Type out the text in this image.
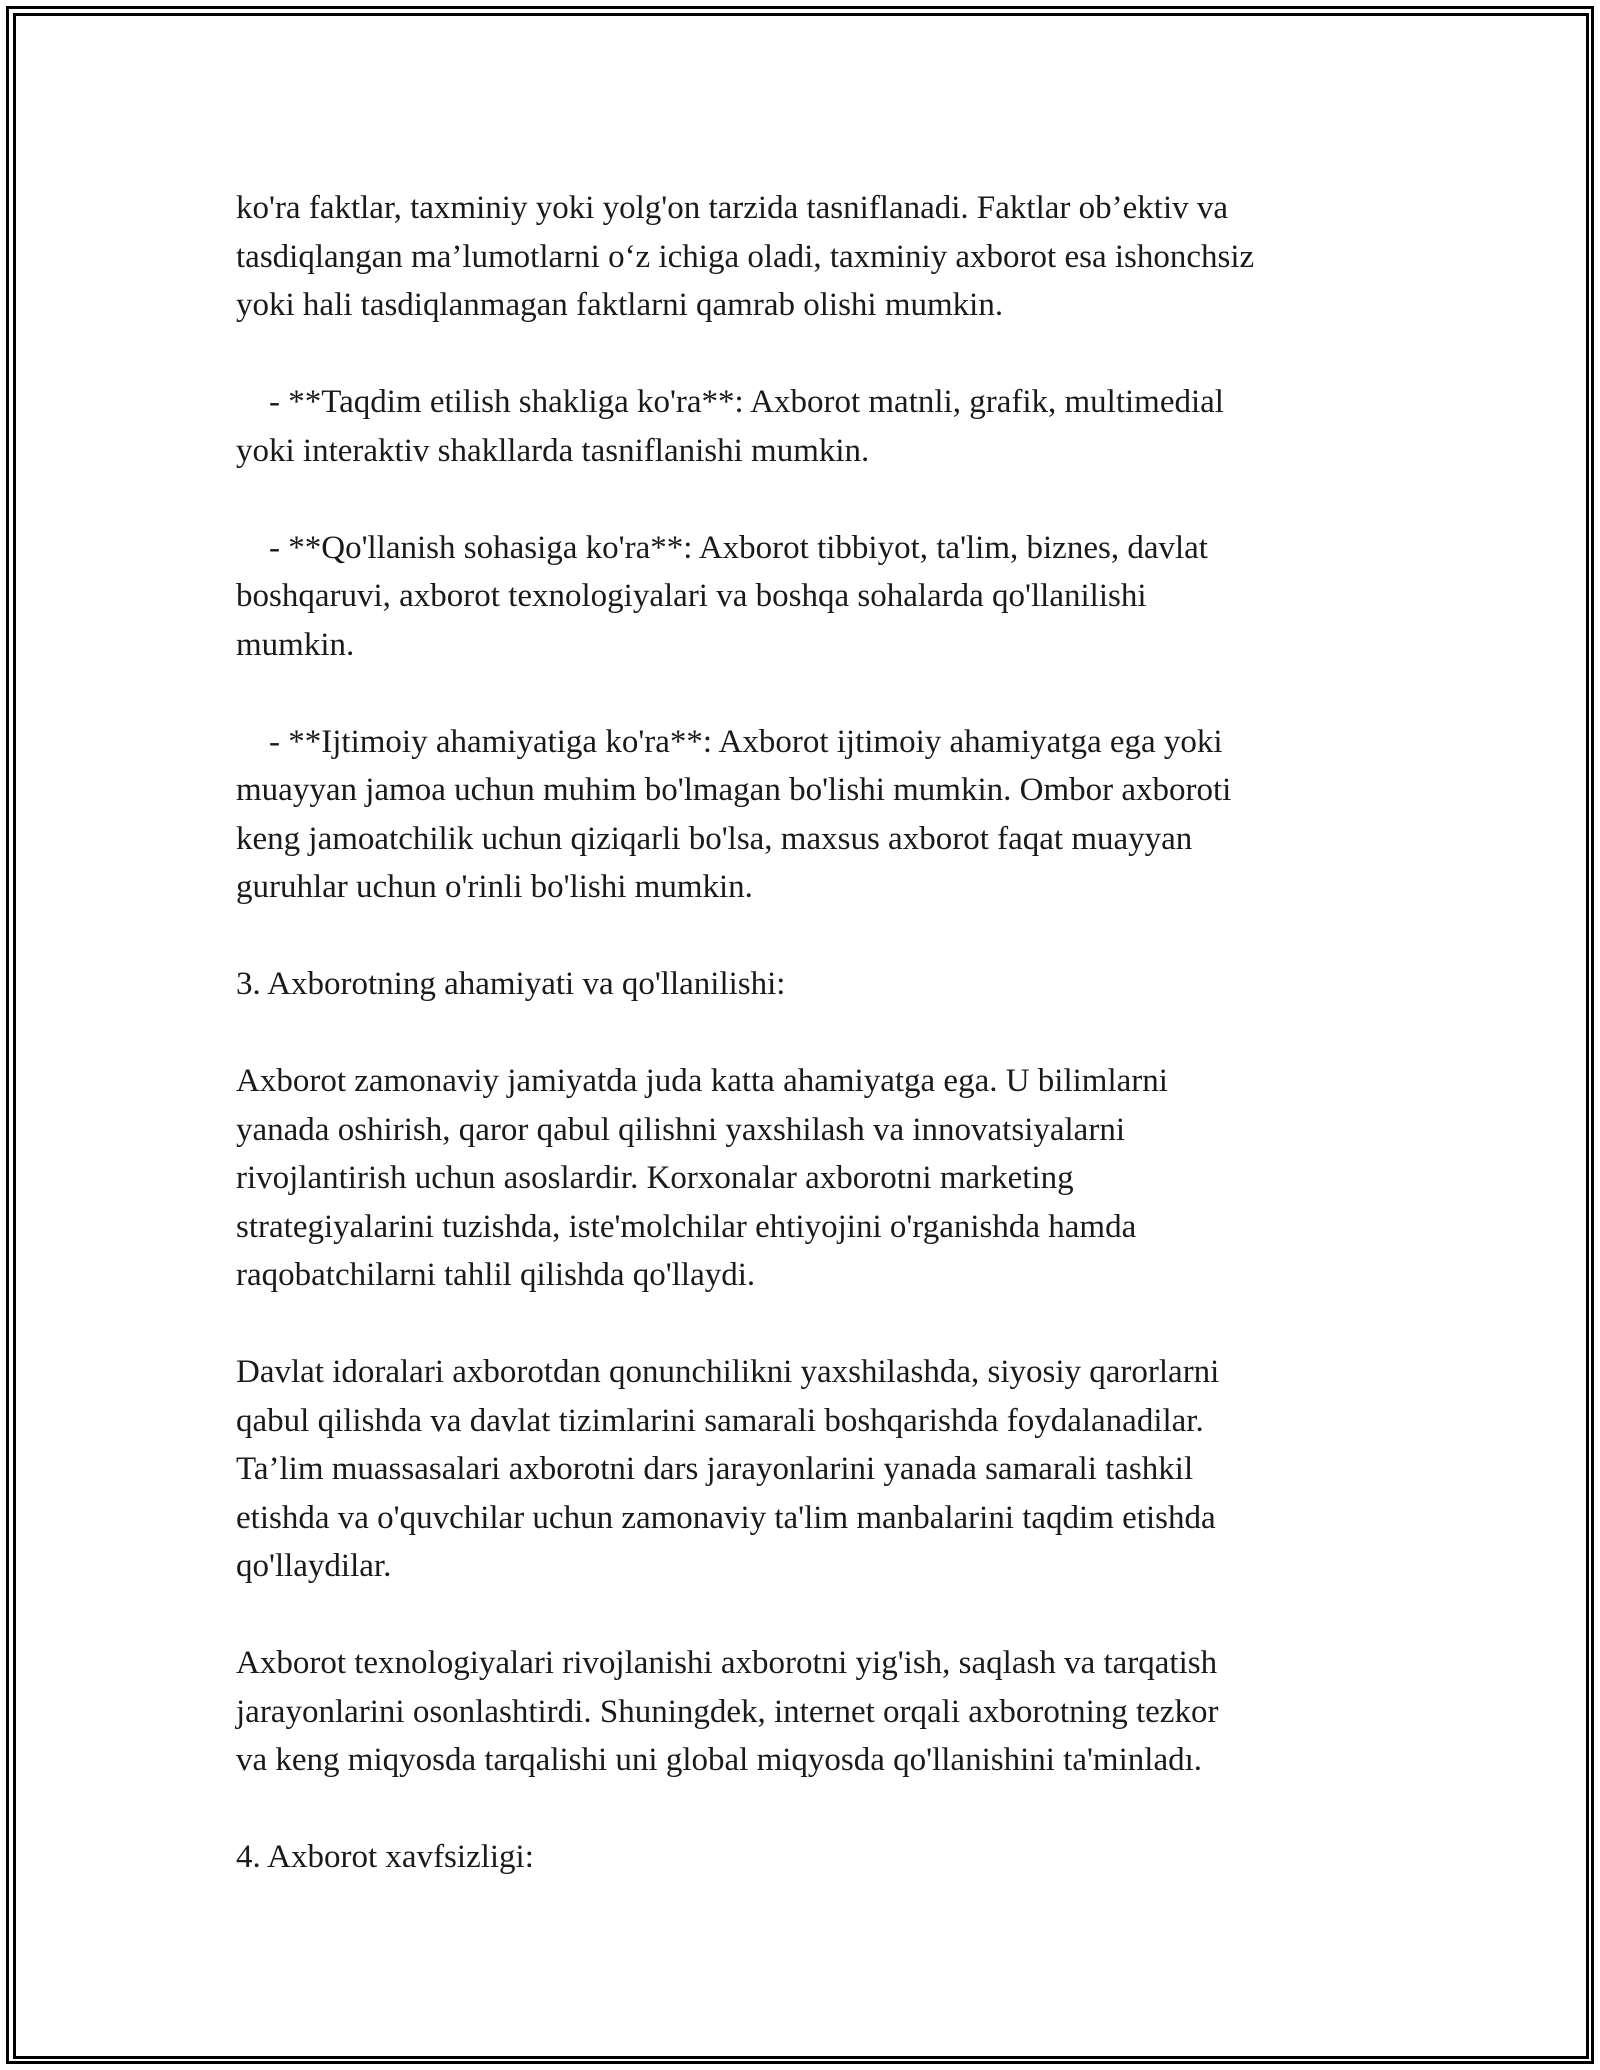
ko'ra faktlar, taxminiy yoki yolg'on tarzida tasniflanadi. Faktlar ob’ektiv va
tasdiqlangan ma’lumotlarni o‘z ichiga oladi, taxminiy axborot esa ishonchsiz
yoki hali tasdiqlanmagan faktlarni qamrab olishi mumkin.

- **Taqdim etilish shakliga ko'ra**: Axborot matnli, grafik, multimedial
yoki interaktiv shakllarda tasniflanishi mumkin.

- **Qo'llanish sohasiga ko'ra**: Axborot tibbiyot, ta'lim, biznes, davlat
boshqaruvi, axborot texnologiyalari va boshqa sohalarda qo'llanilishi
mumkin.

- **Ijtimoiy ahamiyatiga ko'ra**: Axborot ijtimoiy ahamiyatga ega yoki
muayyan jamoa uchun muhim bo'lmagan bo'lishi mumkin. Ombor axboroti
keng jamoatchilik uchun qiziqarli bo'lsa, maxsus axborot faqat muayyan
guruhlar uchun o'rinli bo'lishi mumkin.

3. Axborotning ahamiyati va qo'llanilishi:

Axborot zamonaviy jamiyatda juda katta ahamiyatga ega. U bilimlarni
yanada oshirish, qaror qabul qilishni yaxshilash va innovatsiyalarni
rivojlantirish uchun asoslardir. Korxonalar axborotni marketing
strategiyalarini tuzishda, iste'molchilar ehtiyojini o'rganishda hamda
raqobatchilarni tahlil qilishda qo'llaydi.

Davlat idoralari axborotdan qonunchilikni yaxshilashda, siyosiy qarorlarni
qabul qilishda va davlat tizimlarini samarali boshqarishda foydalanadilar.
Ta’lim muassasalari axborotni dars jarayonlarini yanada samarali tashkil
etishda va o'quvchilar uchun zamonaviy ta'lim manbalarini taqdim etishda
qo'llaydilar.

Axborot texnologiyalari rivojlanishi axborotni yig'ish, saqlash va tarqatish
jarayonlarini osonlashtirdi. Shuningdek, internet orqali axborotning tezkor
va keng miqyosda tarqalishi uni global miqyosda qo'llanishini ta'minladı.

4. Axborot xavfsizligi:
